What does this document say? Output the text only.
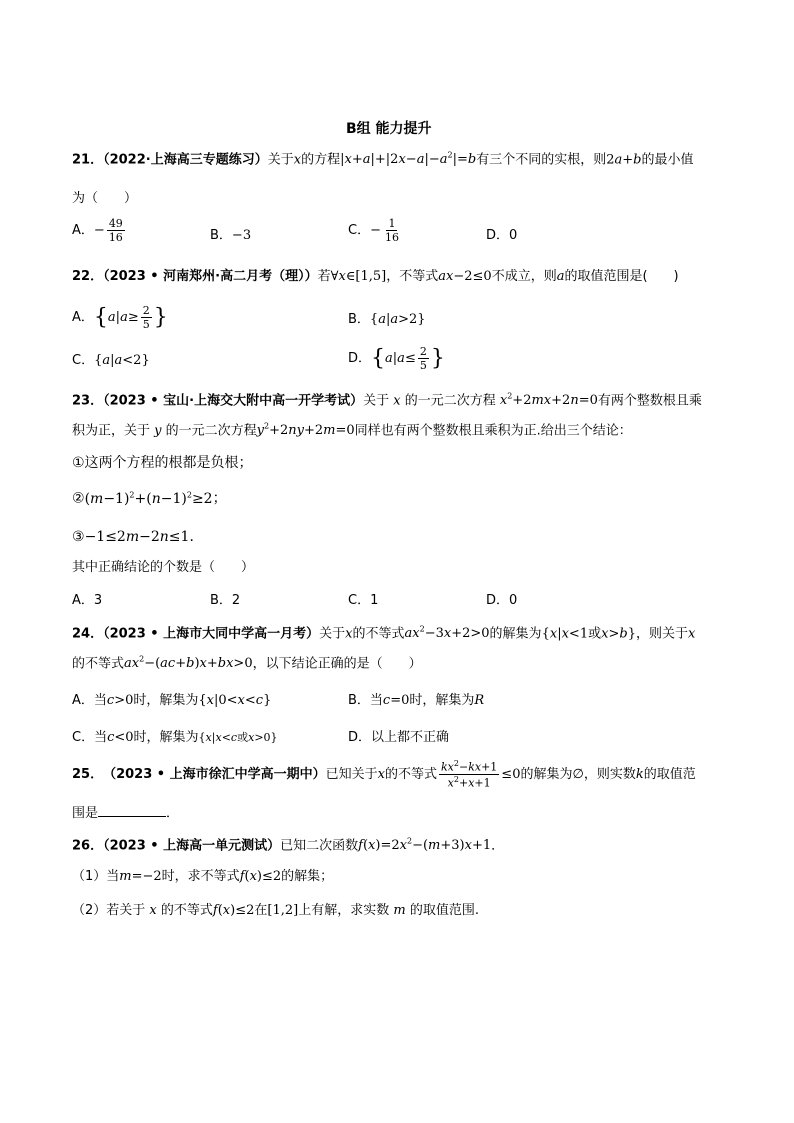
B组 能力提升
21．（2022·上海高三专题练习）关于x的方程$|x+a|+|2x-a|-a^2|=b$有三个不同的实根，则2a+b的最小值
为（　　）
A． − $\frac{49}{16}$	B．−3	C． − $\frac{1}{16}$	D．0
22．（2023 • 河南郑州·高二月考（理））若∀x∈[1,5]，不等式ax−2≤0不成立，则a的取值范围是(　　)
A． { $a|a\ge \frac{2}{5}$ }	B．{a|a>2}
C．{a|a<2}	D． { $a|a\le \frac{2}{5}$ }
23．（2023 • 宝山·上海交大附中高一开学考试）关于 x 的一元二次方程 $x^2+2mx+2n=0$有两个整数根且乘
积为正，关于 y 的一元二次方程$y^2+2ny+2m=0$同样也有两个整数根且乘积为正.给出三个结论：
①这两个方程的根都是负根；
$②(m-1)^2+(n-1)^2\ge 2$；
③−1≤2m−2n≤1．
其中正确结论的个数是（　　）
A．3	B．2	C．1	D．0
24．（2023 • 上海市大同中学高一月考）关于x的不等式$ax^2-3x+2>0$的解集为{x|x<1或x>b}，则关于x
的不等式$ax^2-(ac+b)x+bx>0$，以下结论正确的是（　　）
A．当c>0时，解集为{x|0<x<c}	B．当c=0时，解集为R
C．当c<0时，解集为{x|x<c或x>0}	D．以上都不正确
25． （2023 • 上海市徐汇中学高一期中） 已知关于 x 的不等式 $\frac{kx^2-kx+1}{x^2+x+1} \le 0$ 的解集为 ∅ ，则实数 k 的取值范
围是	．
26．（2023 • 上海高一单元测试）已知二次函数$f(x)=2x^2-(m+3)x+1$．
（1）当m=−2时，求不等式f(x)≤2的解集；
（2）若关于 x 的不等式f(x)≤2在[1,2]上有解，求实数 m 的取值范围.
